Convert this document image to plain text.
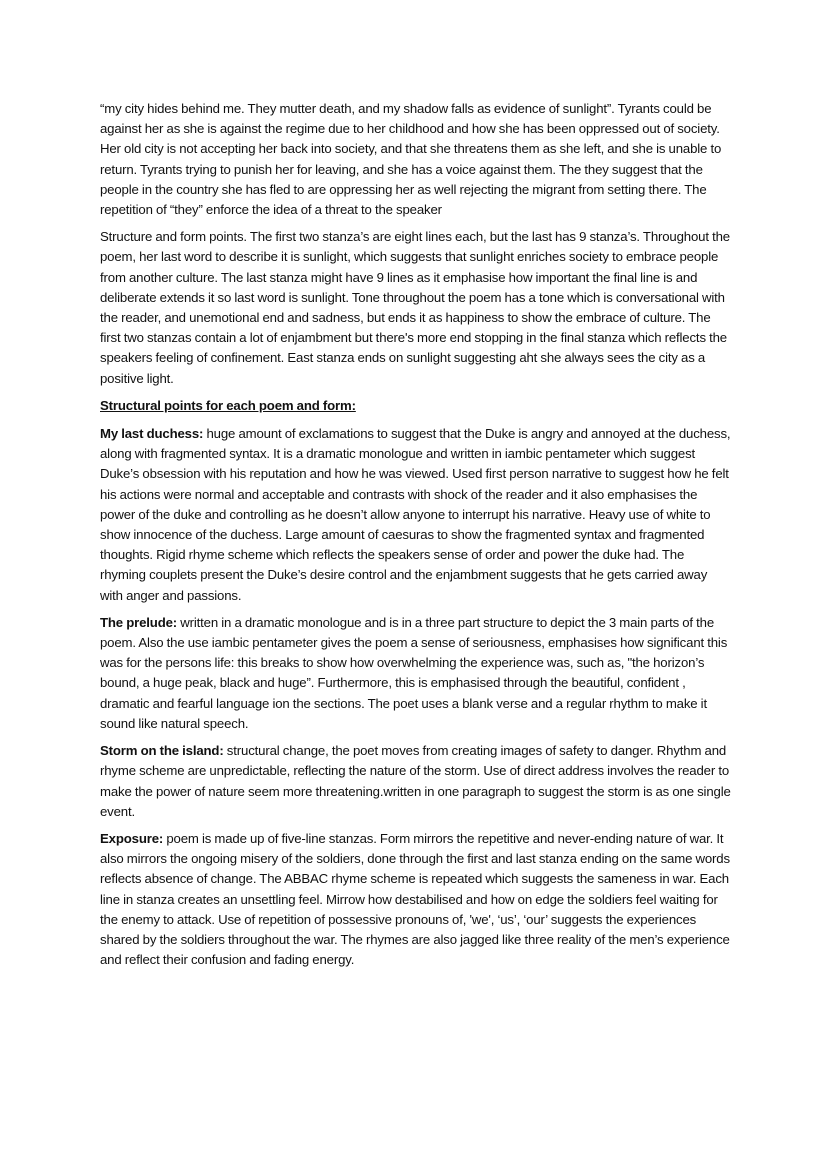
“my city hides behind me. They mutter death, and my shadow falls as evidence of sunlight”. Tyrants could be against her as she is against the regime due to her childhood and how she has been oppressed out of society. Her old city is not accepting her back into society, and that she threatens them as she left, and she is unable to return. Tyrants trying to punish her for leaving, and she has a voice against them. The they suggest that the people in the country she has fled to are oppressing her as well rejecting the migrant from setting there. The repetition of “they” enforce the idea of a threat to the speaker

Structure and form points. The first two stanza’s are eight lines each, but the last has 9 stanza’s. Throughout the poem, her last word to describe it is sunlight, which suggests that sunlight enriches society to embrace people from another culture. The last stanza might have 9 lines as it emphasise how important the final line is and deliberate extends it so last word is sunlight. Tone throughout the poem has a tone which is conversational with the reader, and unemotional end and sadness, but ends it as happiness to show the embrace of culture. The first two stanzas contain a lot of enjambment but there's more end stopping in the final stanza which reflects the speakers feeling of confinement. East stanza ends on sunlight suggesting aht she always sees the city as a positive light.

Structural points for each poem and form:

My last duchess: huge amount of exclamations to suggest that the Duke is angry and annoyed at the duchess, along with fragmented syntax. It is a dramatic monologue and written in iambic pentameter which suggest Duke’s obsession with his reputation and how he was viewed. Used first person narrative to suggest how he felt his actions were normal and acceptable and contrasts with shock of the reader and it also emphasises the power of the duke and controlling as he doesn’t allow anyone to interrupt his narrative. Heavy use of white to show innocence of the duchess. Large amount of caesuras to show the fragmented syntax and fragmented thoughts. Rigid rhyme scheme which reflects the speakers sense of order and power the duke had. The rhyming couplets present the Duke’s desire control and the enjambment suggests that he gets carried away with anger and passions.

The prelude: written in a dramatic monologue and is in a three part structure to depict the 3 main parts of the poem. Also the use iambic pentameter gives the poem a sense of seriousness, emphasises how significant this was for the persons life: this breaks to show how overwhelming the experience was, such as, "the horizon’s bound, a huge peak, black and huge”. Furthermore, this is emphasised through the beautiful, confident , dramatic and fearful language ion the sections. The poet uses a blank verse and a regular rhythm to make it sound like natural speech.

Storm on the island: structural change, the poet moves from creating images of safety to danger. Rhythm and rhyme scheme are unpredictable, reflecting the nature of the storm. Use of direct address involves the reader to make the power of nature seem more threatening.written in one paragraph to suggest the storm is as one single event.

Exposure: poem is made up of five-line stanzas. Form mirrors the repetitive and never-ending nature of war. It also mirrors the ongoing misery of the soldiers, done through the first and last stanza ending on the same words reflects absence of change. The ABBAC rhyme scheme is repeated which suggests the sameness in war. Each line in stanza creates an unsettling feel. Mirrow how destabilised and how on edge the soldiers feel waiting for the enemy to attack. Use of repetition of possessive pronouns of, 'we', ‘us’, ‘our’ suggests the experiences shared by the soldiers throughout the war. The rhymes are also jagged like three reality of the men’s experience and reflect their confusion and fading energy.
